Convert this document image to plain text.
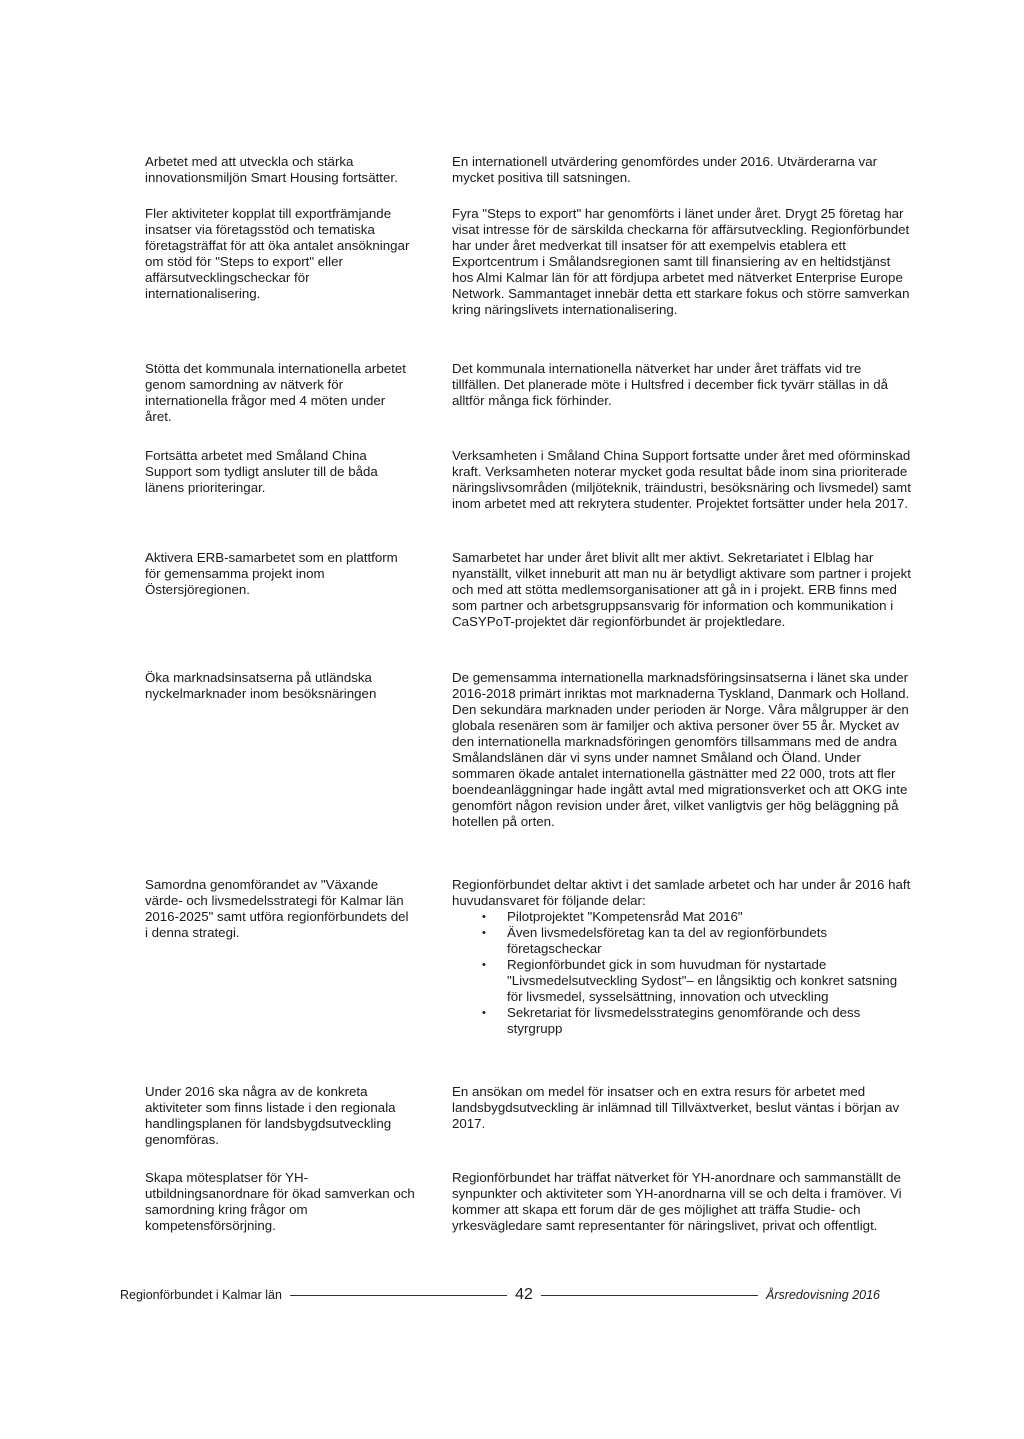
Arbetet med att utveckla och stärka innovationsmiljön Smart Housing fortsätter.
En internationell utvärdering genomfördes under 2016. Utvärderarna var mycket positiva till satsningen.
Fler aktiviteter kopplat till exportfrämjande insatser via företagsstöd och tematiska företagsträffat för att öka antalet ansökningar om stöd för "Steps to export" eller affärsutvecklingscheckar för internationalisering.
Fyra "Steps to export" har genomförts i länet under året. Drygt 25 företag har visat intresse för de särskilda checkarna för affärsutveckling. Regionförbundet har under året medverkat till insatser för att exempelvis etablera ett Exportcentrum i Smålandsregionen samt till finansiering av en heltidstjänst hos Almi Kalmar län för att fördjupa arbetet med nätverket Enterprise Europe Network. Sammantaget innebär detta ett starkare fokus och större samverkan kring näringslivets internationalisering.
Stötta det kommunala internationella arbetet genom samordning av nätverk för internationella frågor med 4 möten under året.
Det kommunala internationella nätverket har under året träffats vid tre tillfällen. Det planerade möte i Hultsfred i december fick tyvärr ställas in då alltför många fick förhinder.
Fortsätta arbetet med Småland China Support som tydligt ansluter till de båda länens prioriteringar.
Verksamheten i Småland China Support fortsatte under året med oförminskad kraft. Verksamheten noterar mycket goda resultat både inom sina prioriterade näringslivsområden (miljöteknik, träindustri, besöksnäring och livsmedel) samt inom arbetet med att rekrytera studenter. Projektet fortsätter under hela 2017.
Aktivera ERB-samarbetet som en plattform för gemensamma projekt inom Östersjöregionen.
Samarbetet har under året blivit allt mer aktivt. Sekretariatet i Elblag har nyanställt, vilket inneburit att man nu är betydligt aktivare som partner i projekt och med att stötta medlemsorganisationer att gå in i projekt. ERB finns med som partner och arbetsgruppsansvarig för information och kommunikation i CaSYPoT-projektet där regionförbundet är projektledare.
Öka marknadsinsatserna på utländska nyckelmarknader inom besöksnäringen
De gemensamma internationella marknadsföringsinsatserna i länet ska under 2016-2018 primärt inriktas mot marknaderna Tyskland, Danmark och Holland. Den sekundära marknaden under perioden är Norge. Våra målgrupper är den globala resenären som är familjer och aktiva personer över 55 år. Mycket av den internationella marknadsföringen genomförs tillsammans med de andra Smålandslänen där vi syns under namnet Småland och Öland. Under sommaren ökade antalet internationella gästnätter med 22 000, trots att fler boendeanläggningar hade ingått avtal med migrationsverket och att OKG inte genomfört någon revision under året, vilket vanligtvis ger hög beläggning på hotellen på orten.
Samordna genomförandet av "Växande värde- och livsmedelsstrategi för Kalmar län 2016-2025" samt utföra regionförbundets del i denna strategi.

Regionförbundet deltar aktivt i det samlade arbetet och har under år 2016 haft huvudansvaret för följande delar:

• Pilotprojektet "Kompetensråd Mat 2016"
• Även livsmedelsföretag kan ta del av regionförbundets företagscheckar
• Regionförbundet gick in som huvudman för nystartade "Livsmedelsutveckling Sydost"– en långsiktig och konkret satsning för livsmedel, sysselsättning, innovation och utveckling
• Sekretariat för livsmedelsstrategins genomförande och dess styrgrupp
Under 2016 ska några av de konkreta aktiviteter som finns listade i den regionala handlingsplanen för landsbygdsutveckling genomföras.
En ansökan om medel för insatser och en extra resurs för arbetet med landsbygdsutveckling är inlämnad till Tillväxtverket, beslut väntas i början av 2017.
Skapa mötesplatser för YH-utbildningsanordnare för ökad samverkan och samordning kring frågor om kompetensförsörjning.
Regionförbundet har träffat nätverket för YH-anordnare och sammanställt de synpunkter och aktiviteter som YH-anordnarna vill se och delta i framöver. Vi kommer att skapa ett forum där de ges möjlighet att träffa Studie- och yrkesvägledare samt representanter för näringslivet, privat och offentligt.
Regionförbundet i Kalmar län	42	Årsredovisning 2016
